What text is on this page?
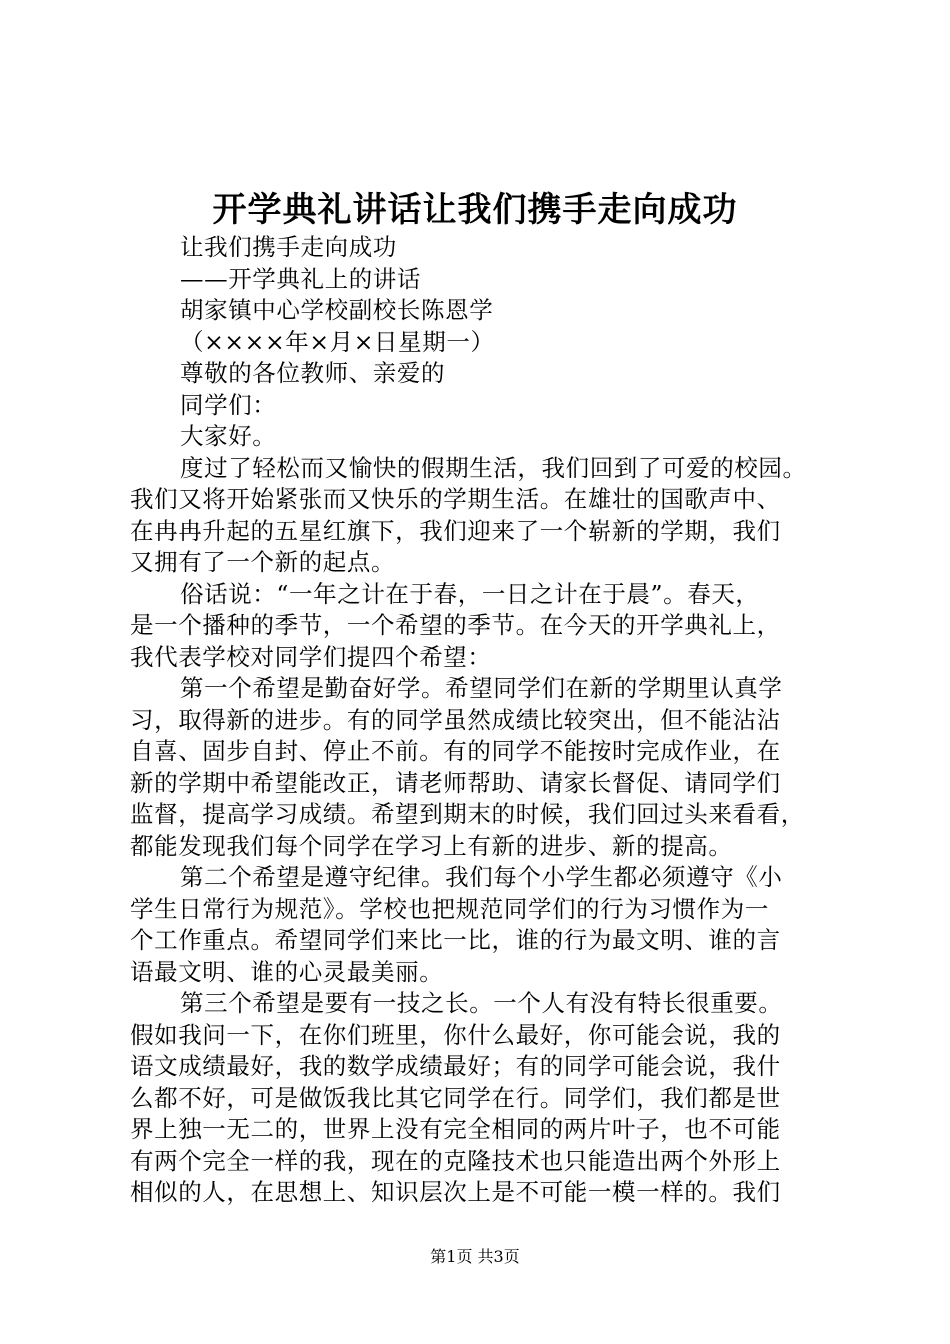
开学典礼讲话让我们携手走向成功

让我们携手走向成功

——开学典礼上的讲话

胡家镇中心学校副校长陈恩学

（××××年×月×日星期一）

尊敬的各位教师、亲爱的

同学们：

大家好。

度过了轻松而又愉快的假期生活，我们回到了可爱的校园。

我们又将开始紧张而又快乐的学期生活。在雄壮的国歌声中、

在冉冉升起的五星红旗下，我们迎来了一个崭新的学期，我们

又拥有了一个新的起点。

俗话说：“一年之计在于春，一日之计在于晨”。春天，

是一个播种的季节，一个希望的季节。在今天的开学典礼上，

我代表学校对同学们提四个希望：

第一个希望是勤奋好学。希望同学们在新的学期里认真学

习，取得新的进步。有的同学虽然成绩比较突出，但不能沾沾

自喜、固步自封、停止不前。有的同学不能按时完成作业，在

新的学期中希望能改正，请老师帮助、请家长督促、请同学们

监督，提高学习成绩。希望到期末的时候，我们回过头来看看，

都能发现我们每个同学在学习上有新的进步、新的提高。

第二个希望是遵守纪律。我们每个小学生都必须遵守《小

学生日常行为规范》。学校也把规范同学们的行为习惯作为一

个工作重点。希望同学们来比一比，谁的行为最文明、谁的言

语最文明、谁的心灵最美丽。

第三个希望是要有一技之长。一个人有没有特长很重要。

假如我问一下，在你们班里，你什么最好，你可能会说，我的

语文成绩最好，我的数学成绩最好；有的同学可能会说，我什

么都不好，可是做饭我比其它同学在行。同学们，我们都是世

界上独一无二的，世界上没有完全相同的两片叶子，也不可能

有两个完全一样的我，现在的克隆技术也只能造出两个外形上

相似的人，在思想上、知识层次上是不可能一模一样的。我们

第1页 共3页
